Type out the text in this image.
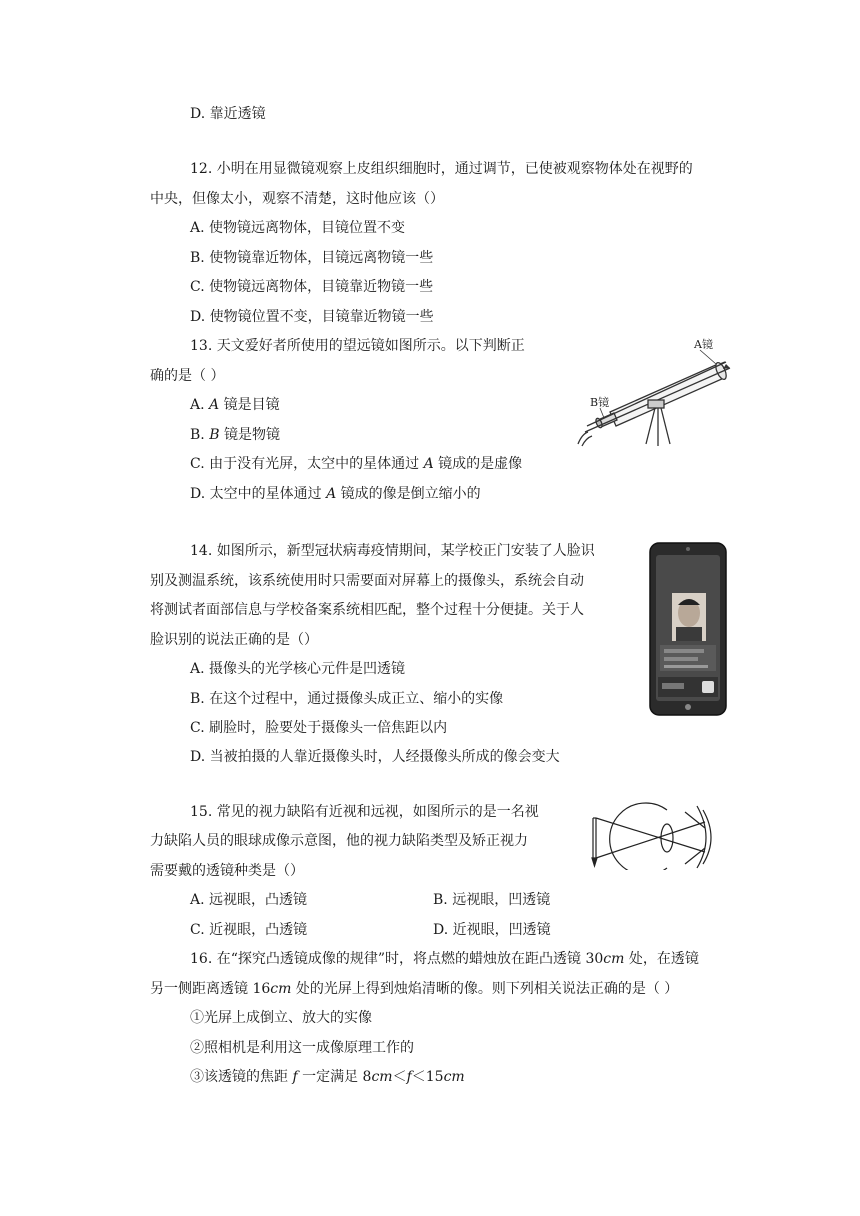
D. 靠近透镜
12. 小明在用显微镜观察上皮组织细胞时，通过调节，已使被观察物体处在视野的
中央，但像太小，观察不清楚，这时他应该（）
A. 使物镜远离物体，目镜位置不变
B. 使物镜靠近物体，目镜远离物镜一些
C. 使物镜远离物体，目镜靠近物镜一些
D. 使物镜位置不变，目镜靠近物镜一些
13. 天文爱好者所使用的望远镜如图所示。以下判断正
确的是（ ）
A. A 镜是目镜
B. B 镜是物镜
C. 由于没有光屏，太空中的星体通过 A 镜成的是虚像
D. 太空中的星体通过 A 镜成的像是倒立缩小的
A镜
B镜
14. 如图所示，新型冠状病毒疫情期间，某学校正门安装了人脸识
别及测温系统，该系统使用时只需要面对屏幕上的摄像头，系统会自动
将测试者面部信息与学校备案系统相匹配，整个过程十分便捷。关于人
脸识别的说法正确的是（）
A. 摄像头的光学核心元件是凹透镜
B. 在这个过程中，通过摄像头成正立、缩小的实像
C. 刷脸时，脸要处于摄像头一倍焦距以内
D. 当被拍摄的人靠近摄像头时，人经摄像头所成的像会变大
15. 常见的视力缺陷有近视和远视，如图所示的是一名视
力缺陷人员的眼球成像示意图，他的视力缺陷类型及矫正视力
需要戴的透镜种类是（）
A. 远视眼，凸透镜	B. 远视眼，凹透镜
C. 近视眼，凸透镜	D. 近视眼，凹透镜
16. 在“探究凸透镜成像的规律”时，将点燃的蜡烛放在距凸透镜 30cm 处，在透镜
另一侧距离透镜 16cm 处的光屏上得到烛焰清晰的像。则下列相关说法正确的是（ ）
①光屏上成倒立、放大的实像
②照相机是利用这一成像原理工作的
③该透镜的焦距 f 一定满足 8cm＜f＜15cm
